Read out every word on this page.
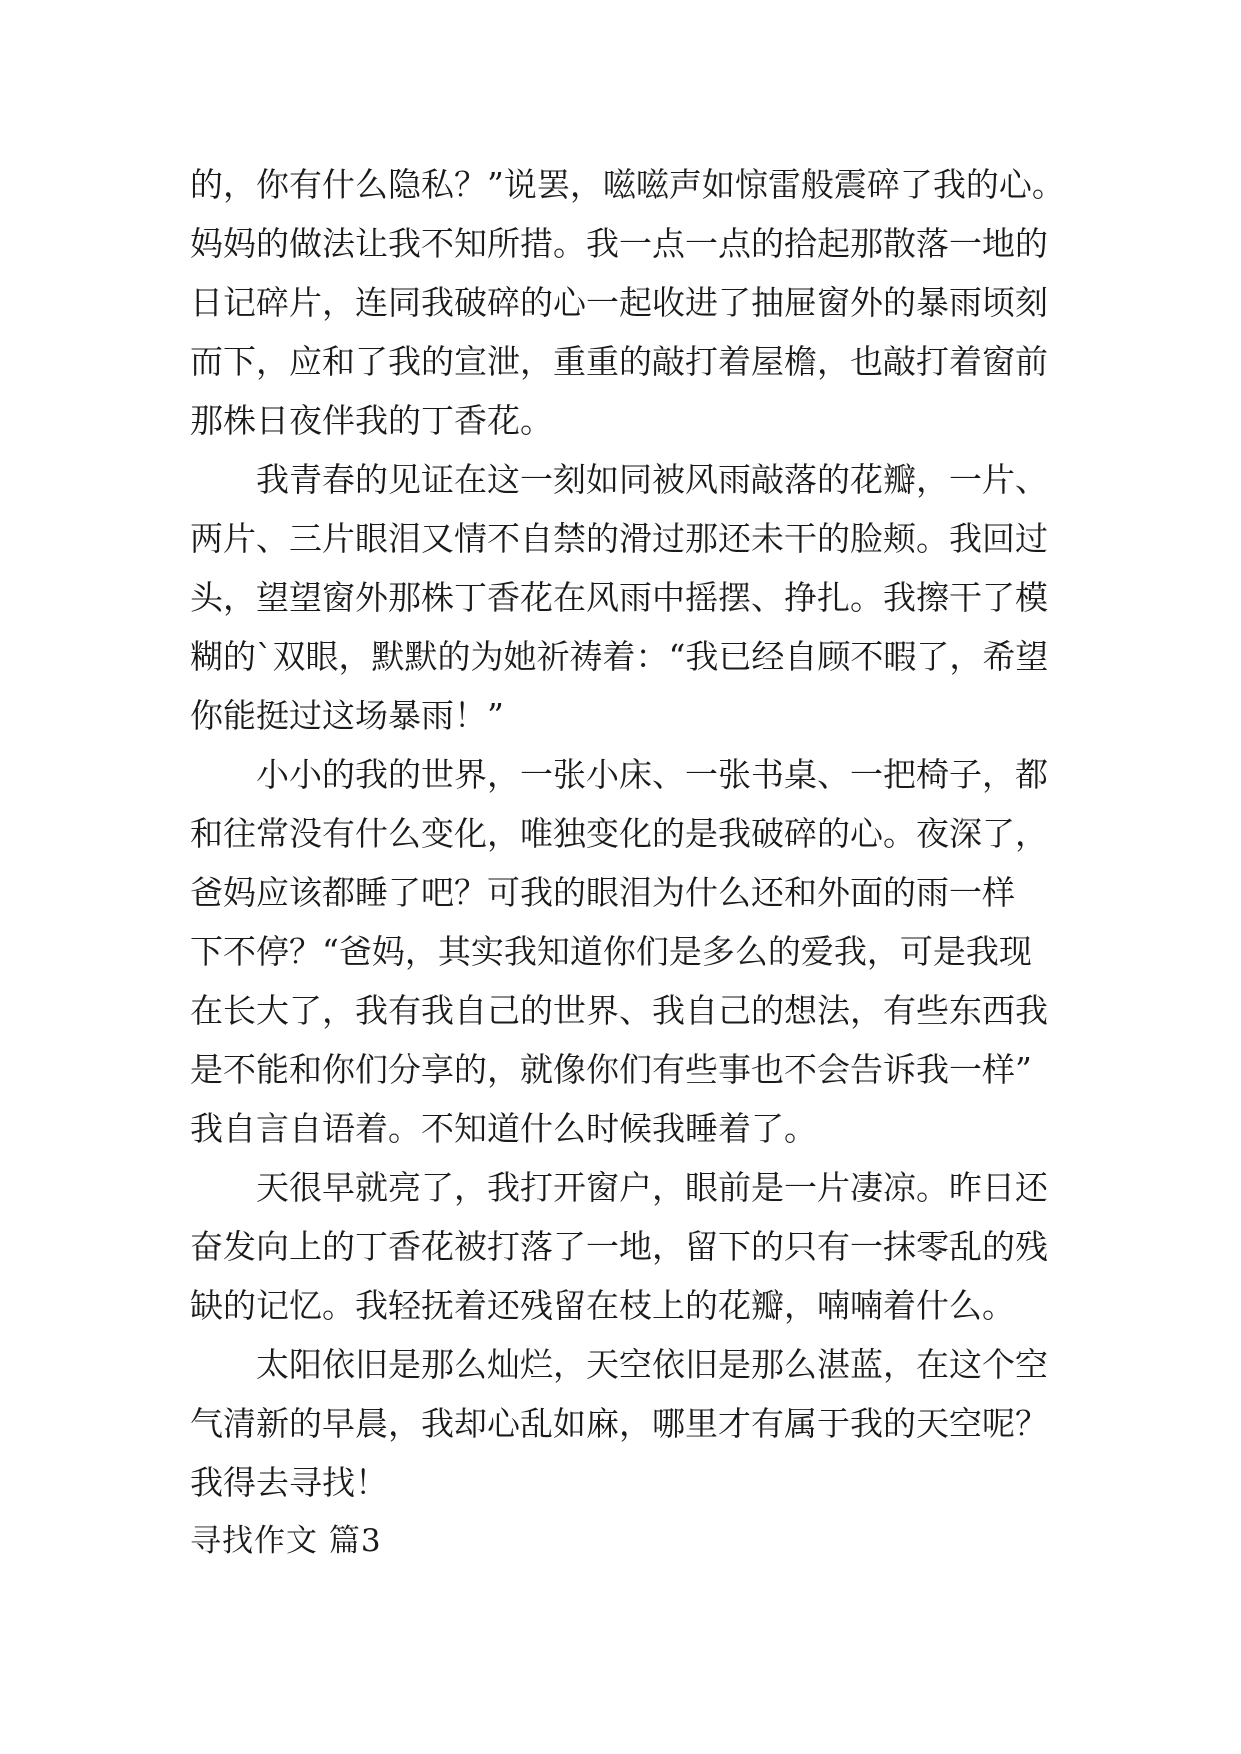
的，你有什么隐私？”说罢，嗞嗞声如惊雷般震碎了我的心。
妈妈的做法让我不知所措。我一点一点的拾起那散落一地的
日记碎片，连同我破碎的心一起收进了抽屉窗外的暴雨顷刻
而下，应和了我的宣泄，重重的敲打着屋檐，也敲打着窗前
那株日夜伴我的丁香花。
我青春的见证在这一刻如同被风雨敲落的花瓣，一片、
两片、三片眼泪又情不自禁的滑过那还未干的脸颊。我回过
头，望望窗外那株丁香花在风雨中摇摆、挣扎。我擦干了模
糊的`双眼，默默的为她祈祷着：“我已经自顾不暇了，希望
你能挺过这场暴雨！”
小小的我的世界，一张小床、一张书桌、一把椅子，都
和往常没有什么变化，唯独变化的是我破碎的心。夜深了，
爸妈应该都睡了吧？可我的眼泪为什么还和外面的雨一样
下不停？“爸妈，其实我知道你们是多么的爱我，可是我现
在长大了，我有我自己的世界、我自己的想法，有些东西我
是不能和你们分享的，就像你们有些事也不会告诉我一样”
我自言自语着。不知道什么时候我睡着了。
天很早就亮了，我打开窗户，眼前是一片凄凉。昨日还
奋发向上的丁香花被打落了一地，留下的只有一抹零乱的残
缺的记忆。我轻抚着还残留在枝上的花瓣，喃喃着什么。
太阳依旧是那么灿烂，天空依旧是那么湛蓝，在这个空
气清新的早晨，我却心乱如麻，哪里才有属于我的天空呢？
我得去寻找！
寻找作文 篇3
